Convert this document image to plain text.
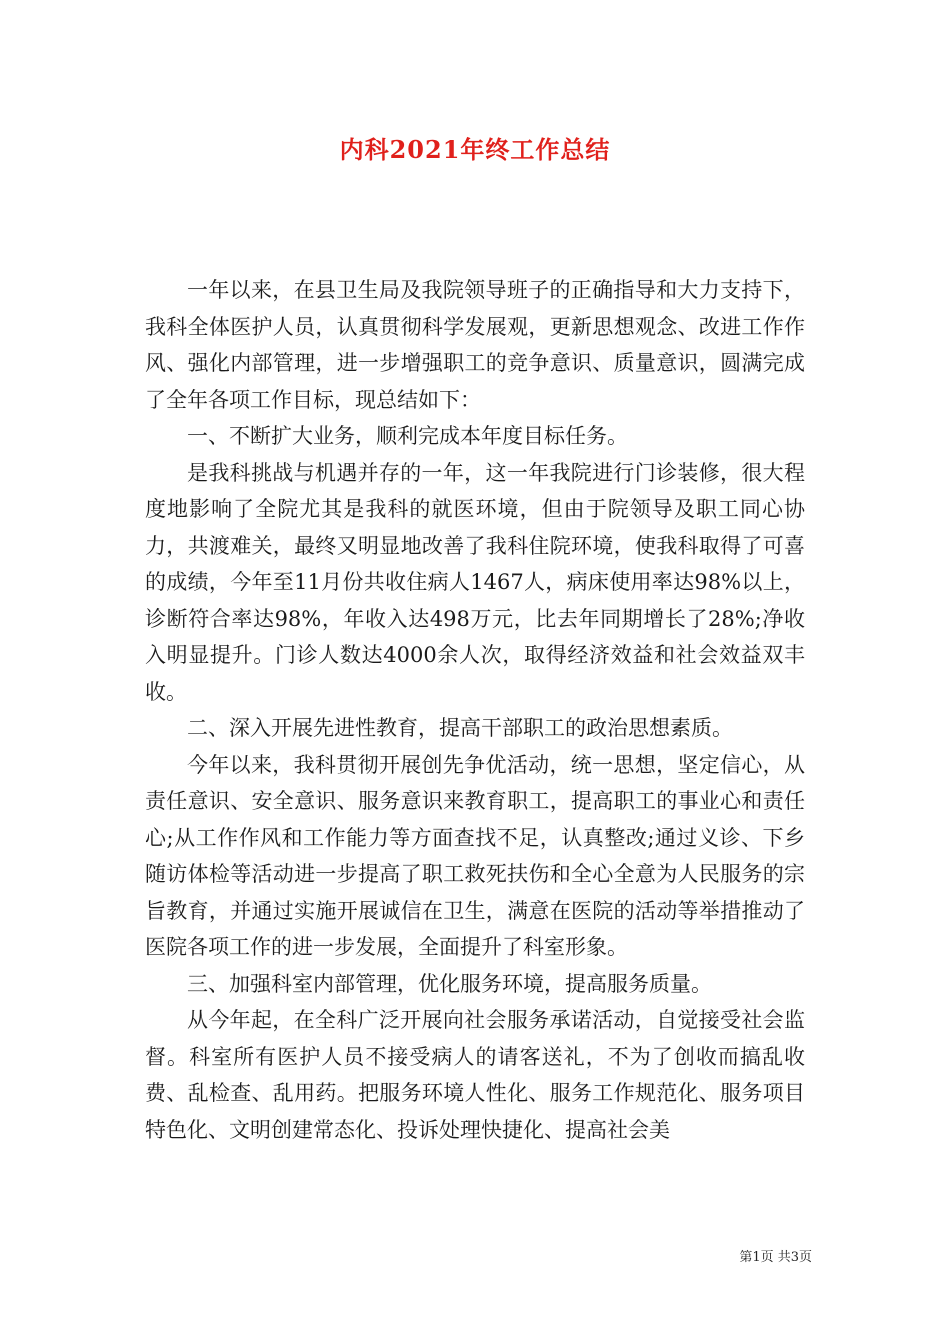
内科2021年终工作总结

一年以来，在县卫生局及我院领导班子的正确指导和大力支持下，我科全体医护人员，认真贯彻科学发展观，更新思想观念、改进工作作风、强化内部管理，进一步增强职工的竞争意识、质量意识，圆满完成了全年各项工作目标，现总结如下：

一、不断扩大业务，顺利完成本年度目标任务。

是我科挑战与机遇并存的一年，这一年我院进行门诊装修，很大程度地影响了全院尤其是我科的就医环境，但由于院领导及职工同心协力，共渡难关，最终又明显地改善了我科住院环境，使我科取得了可喜的成绩，今年至11月份共收住病人1467人，病床使用率达98%以上，诊断符合率达98%，年收入达498万元，比去年同期增长了28%;净收入明显提升。门诊人数达4000余人次，取得经济效益和社会效益双丰收。

二、深入开展先进性教育，提高干部职工的政治思想素质。

今年以来，我科贯彻开展创先争优活动，统一思想，坚定信心，从责任意识、安全意识、服务意识来教育职工，提高职工的事业心和责任心;从工作作风和工作能力等方面查找不足，认真整改;通过义诊、下乡随访体检等活动进一步提高了职工救死扶伤和全心全意为人民服务的宗旨教育，并通过实施开展诚信在卫生，满意在医院的活动等举措推动了医院各项工作的进一步发展，全面提升了科室形象。

三、加强科室内部管理，优化服务环境，提高服务质量。

从今年起，在全科广泛开展向社会服务承诺活动，自觉接受社会监督。科室所有医护人员不接受病人的请客送礼，不为了创收而搞乱收费、乱检查、乱用药。把服务环境人性化、服务工作规范化、服务项目特色化、文明创建常态化、投诉处理快捷化、提高社会美

第1页 共3页
